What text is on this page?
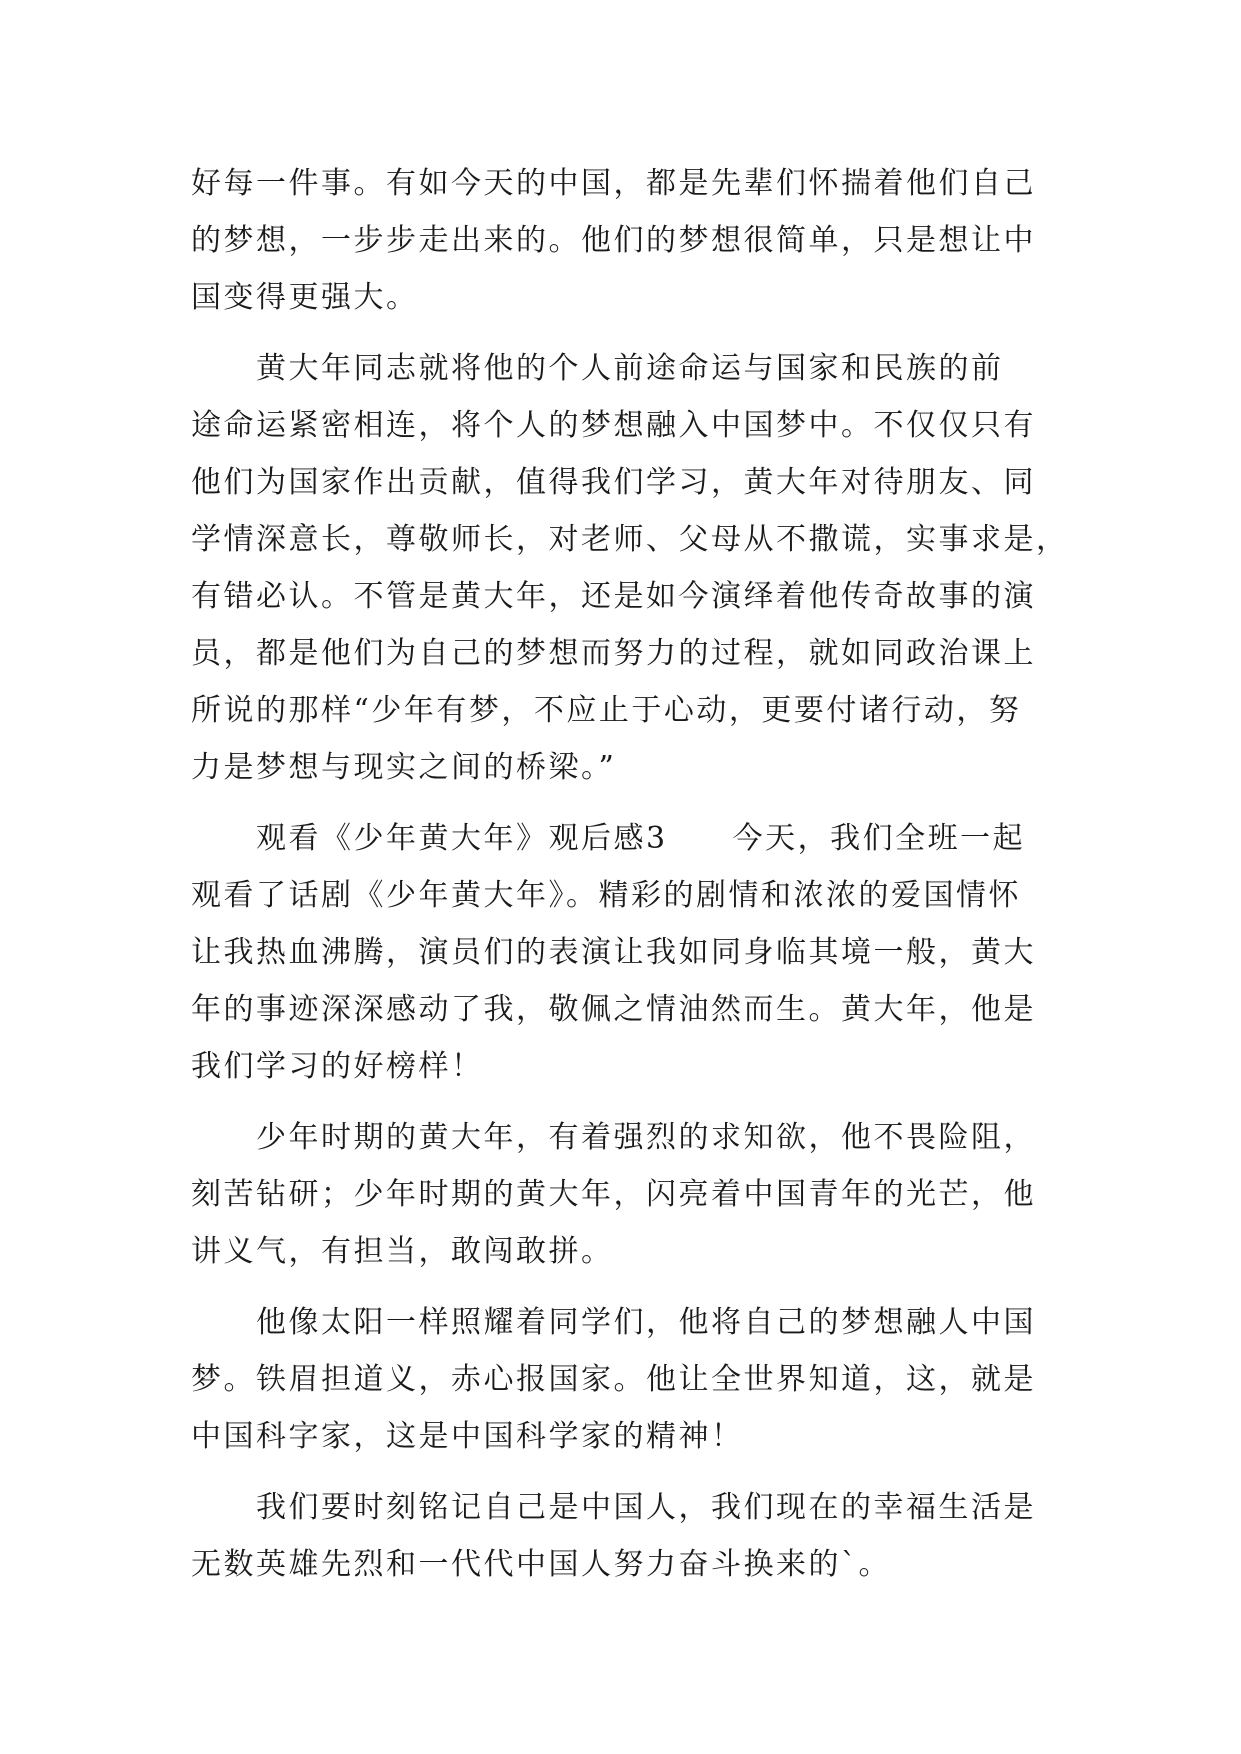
好每一件事。有如今天的中国，都是先辈们怀揣着他们自己
的梦想，一步步走出来的。他们的梦想很简单，只是想让中
国变得更强大。
　　黄大年同志就将他的个人前途命运与国家和民族的前
途命运紧密相连，将个人的梦想融入中国梦中。不仅仅只有
他们为国家作出贡献，值得我们学习，黄大年对待朋友、同
学情深意长，尊敬师长，对老师、父母从不撒谎，实事求是，
有错必认。不管是黄大年，还是如今演绎着他传奇故事的演
员，都是他们为自己的梦想而努力的过程，就如同政治课上
所说的那样“少年有梦，不应止于心动，更要付诸行动，努
力是梦想与现实之间的桥梁。”
　　观看《少年黄大年》观后感3　　今天，我们全班一起
观看了话剧《少年黄大年》。精彩的剧情和浓浓的爱国情怀
让我热血沸腾，演员们的表演让我如同身临其境一般，黄大
年的事迹深深感动了我，敬佩之情油然而生。黄大年，他是
我们学习的好榜样！
　　少年时期的黄大年，有着强烈的求知欲，他不畏险阻，
刻苦钻研；少年时期的黄大年，闪亮着中国青年的光芒，他
讲义气，有担当，敢闯敢拼。
　　他像太阳一样照耀着同学们，他将自己的梦想融人中国
梦。铁眉担道义，赤心报国家。他让全世界知道，这，就是
中国科字家，这是中国科学家的精神！
　　我们要时刻铭记自己是中国人，我们现在的幸福生活是
无数英雄先烈和一代代中国人努力奋斗换来的`。
